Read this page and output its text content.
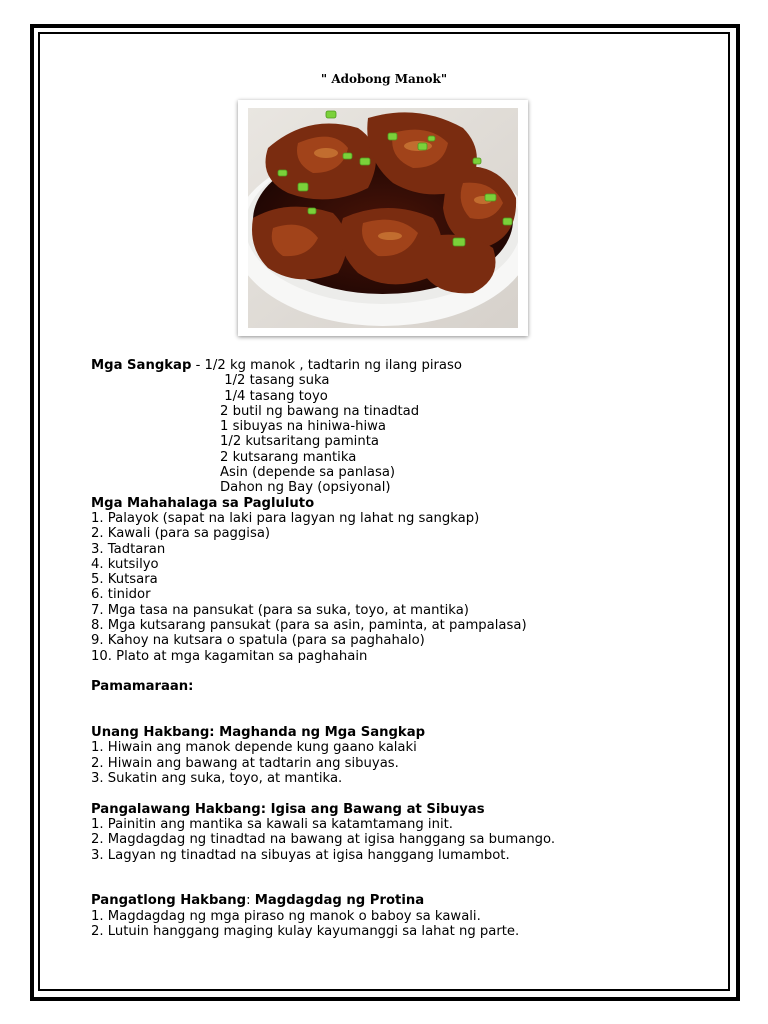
" Adobong Manok"
Mga Sangkap - 1/2 kg manok , tadtarin ng ilang piraso
1/2 tasang suka
1/4 tasang toyo
2 butil ng bawang na tinadtad
1 sibuyas na hiniwa-hiwa
1/2 kutsaritang paminta
2 kutsarang mantika
Asin (depende sa panlasa)
Dahon ng Bay (opsiyonal)
Mga Mahahalaga sa Pagluluto
1. Palayok (sapat na laki para lagyan ng lahat ng sangkap)
2. Kawali (para sa paggisa)
3. Tadtaran
4. kutsilyo
5. Kutsara
6. tinidor
7. Mga tasa na pansukat (para sa suka, toyo, at mantika)
8. Mga kutsarang pansukat (para sa asin, paminta, at pampalasa)
9. Kahoy na kutsara o spatula (para sa paghahalo)
10. Plato at mga kagamitan sa paghahain
Pamamaraan:
Unang Hakbang: Maghanda ng Mga Sangkap
1. Hiwain ang manok depende kung gaano kalaki
2. Hiwain ang bawang at tadtarin ang sibuyas.
3. Sukatin ang suka, toyo, at mantika.
Pangalawang Hakbang: Igisa ang Bawang at Sibuyas
1. Painitin ang mantika sa kawali sa katamtamang init.
2. Magdagdag ng tinadtad na bawang at igisa hanggang sa bumango.
3. Lagyan ng tinadtad na sibuyas at igisa hanggang lumambot.
Pangatlong Hakbang: Magdagdag ng Protina
1. Magdagdag ng mga piraso ng manok o baboy sa kawali.
2. Lutuin hanggang maging kulay kayumanggi sa lahat ng parte.
